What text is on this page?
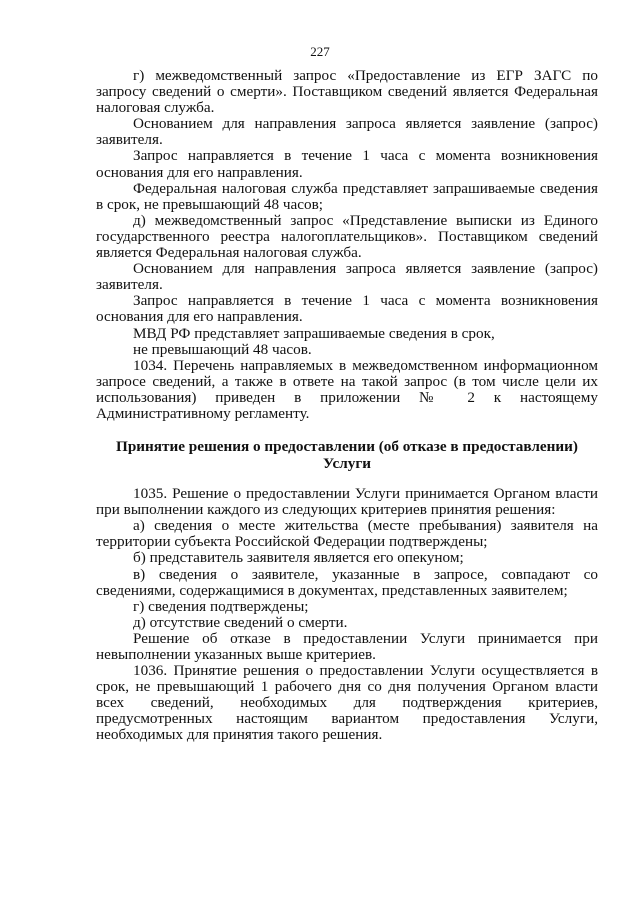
227

г) межведомственный запрос «Предоставление из ЕГР ЗАГС по запросу сведений о смерти». Поставщиком сведений является Федеральная налоговая служба.

Основанием для направления запроса является заявление (запрос) заявителя.

Запрос направляется в течение 1 часа с момента возникновения основания для его направления.

Федеральная налоговая служба представляет запрашиваемые сведения в срок, не превышающий 48 часов;

д) межведомственный запрос «Представление выписки из Единого государственного реестра налогоплательщиков». Поставщиком сведений является Федеральная налоговая служба.

Основанием для направления запроса является заявление (запрос) заявителя.

Запрос направляется в течение 1 часа с момента возникновения основания для его направления.

МВД РФ представляет запрашиваемые сведения в срок,

не превышающий 48 часов.

1034. Перечень направляемых в межведомственном информационном запросе сведений, а также в ответе на такой запрос (в том числе цели их использования) приведен в приложении № 2 к настоящему Административному регламенту.

Принятие решения о предоставлении (об отказе в предоставлении) Услуги

1035. Решение о предоставлении Услуги принимается Органом власти при выполнении каждого из следующих критериев принятия решения:

а) сведения о месте жительства (месте пребывания) заявителя на территории субъекта Российской Федерации подтверждены;

б) представитель заявителя является его опекуном;

в) сведения о заявителе, указанные в запросе, совпадают со сведениями, содержащимися в документах, представленных заявителем;

г) сведения подтверждены;

д) отсутствие сведений о смерти.

Решение об отказе в предоставлении Услуги принимается при невыполнении указанных выше критериев.

1036. Принятие решения о предоставлении Услуги осуществляется в срок, не превышающий 1 рабочего дня со дня получения Органом власти всех сведений, необходимых для подтверждения критериев, предусмотренных настоящим вариантом предоставления Услуги, необходимых для принятия такого решения.
